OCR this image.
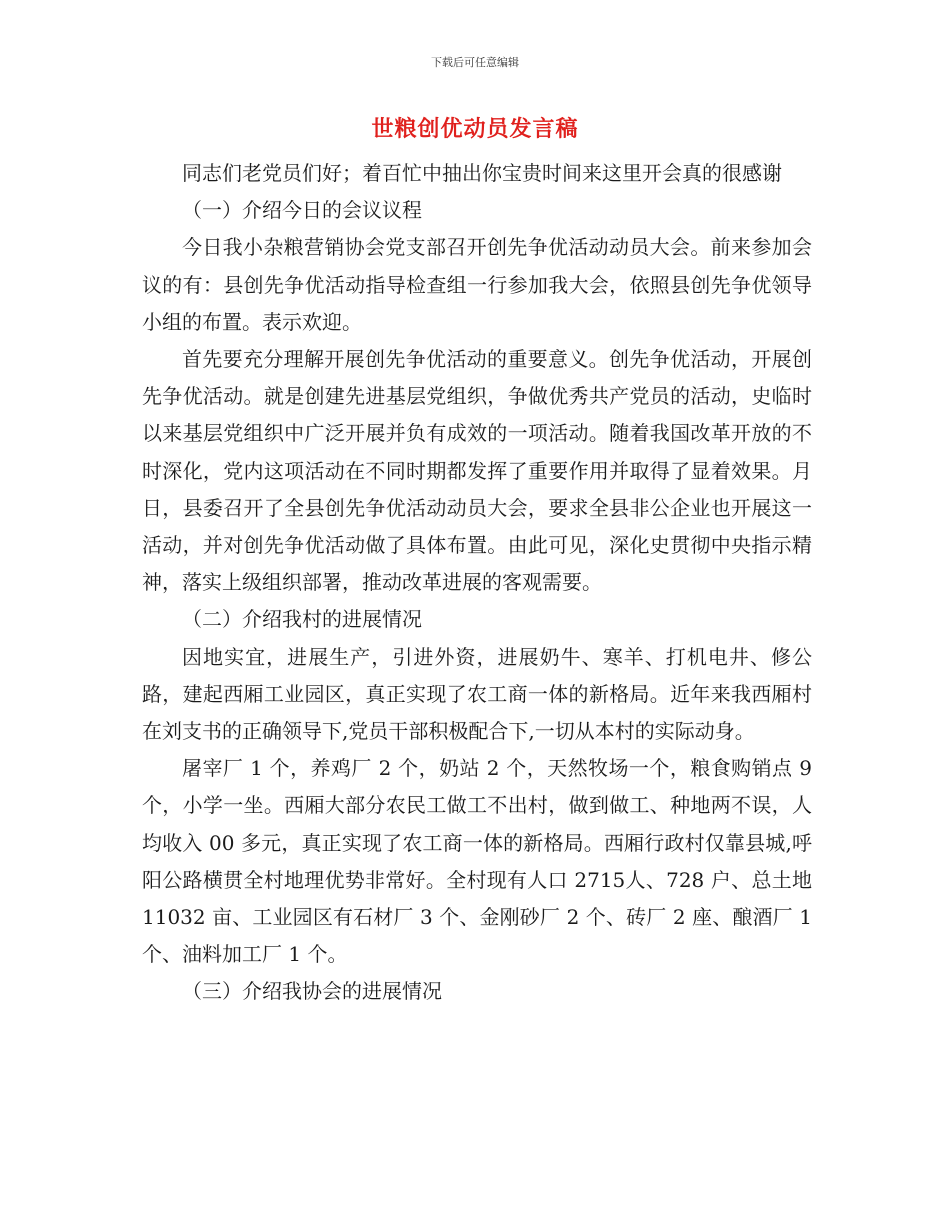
下载后可任意编辑
世粮创优动员发言稿

同志们老党员们好；着百忙中抽出你宝贵时间来这里开会真的很感谢

（一）介绍今日的会议议程

今日我小杂粮营销协会党支部召开创先争优活动动员大会。前来参加会议的有：县创先争优活动指导检查组一行参加我大会，依照县创先争优领导小组的布置。表示欢迎。

首先要充分理解开展创先争优活动的重要意义。创先争优活动，开展创先争优活动。就是创建先进基层党组织，争做优秀共产党员的活动，史临时以来基层党组织中广泛开展并负有成效的一项活动。随着我国改革开放的不时深化，党内这项活动在不同时期都发挥了重要作用并取得了显着效果。月日，县委召开了全县创先争优活动动员大会，要求全县非公企业也开展这一活动，并对创先争优活动做了具体布置。由此可见，深化史贯彻中央指示精神，落实上级组织部署，推动改革进展的客观需要。

（二）介绍我村的进展情况

因地实宜，进展生产，引进外资，进展奶牛、寒羊、打机电井、修公路，建起西厢工业园区，真正实现了农工商一体的新格局。近年来我西厢村在刘支书的正确领导下,党员干部积极配合下,一切从本村的实际动身。

屠宰厂 1 个，养鸡厂 2 个，奶站 2 个，天然牧场一个，粮食购销点 9 个，小学一坐。西厢大部分农民工做工不出村，做到做工、种地两不误，人均收入 00 多元，真正实现了农工商一体的新格局。西厢行政村仅靠县城,呼阳公路横贯全村地理优势非常好。全村现有人口 2715人、728 户、总土地 11032 亩、工业园区有石材厂 3 个、金刚砂厂 2 个、砖厂 2 座、酿酒厂 1 个、油料加工厂 1 个。

（三）介绍我协会的进展情况
